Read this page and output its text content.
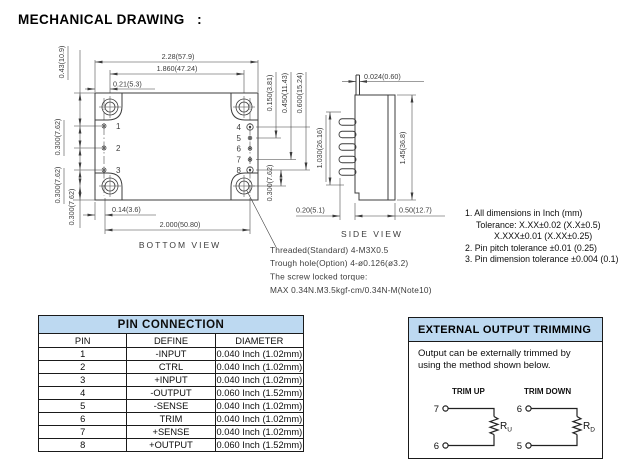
MECHANICAL DRAWING   :
1
2
3
4
5
6
7
8
2.28(57.9)
1.860(47.24)
0.21(5.3)
0.43(10.9)
0.300(7.62)
0.300(7.62)
0.300(7.62)	0.14(3.6)
2.000(50.80)
0.150(3.81) 0.450(11.43) 0.600(15.24)
0.300(7.62)
0.024(0.60)
1.030(26.16)	1.45(36.8)
0.20(5.1)	0.50(12.7)
BOTTOM VIEW
SIDE VIEW
Threaded(Standard) 4-M3X0.5
Trough hole(Option) 4-ø0.126(ø3.2)
The screw locked torque:
MAX 0.34N.M3.5kgf-cm/0.34N-M(Note10)
1. All dimensions in Inch (mm)
Tolerance: X.XX±0.02 (X.X±0.5)
X.XXX±0.01 (X.XX±0.25)
2. Pin pitch tolerance ±0.01 (0.25)
3. Pin dimension tolerance ±0.004 (0.1)
PIN CONNECTION		
PIN	DEFINE	DIAMETER
1	-INPUT	0.040 Inch (1.02mm)
2	CTRL	0.040 Inch (1.02mm)
3	+INPUT	0.040 Inch (1.02mm)
4	-OUTPUT	0.060 Inch (1.52mm)
5	-SENSE	0.040 Inch (1.02mm)
6	TRIM	0.040 Inch (1.02mm)
7	+SENSE	0.040 Inch (1.02mm)
8	+OUTPUT	0.060 Inch (1.52mm)
EXTERNAL OUTPUT TRIMMING
Output can be externally trimmed by
using the method shown below.
TRIM UP
7
6
$R_U$
TRIM DOWN
6
5
$R_D$
